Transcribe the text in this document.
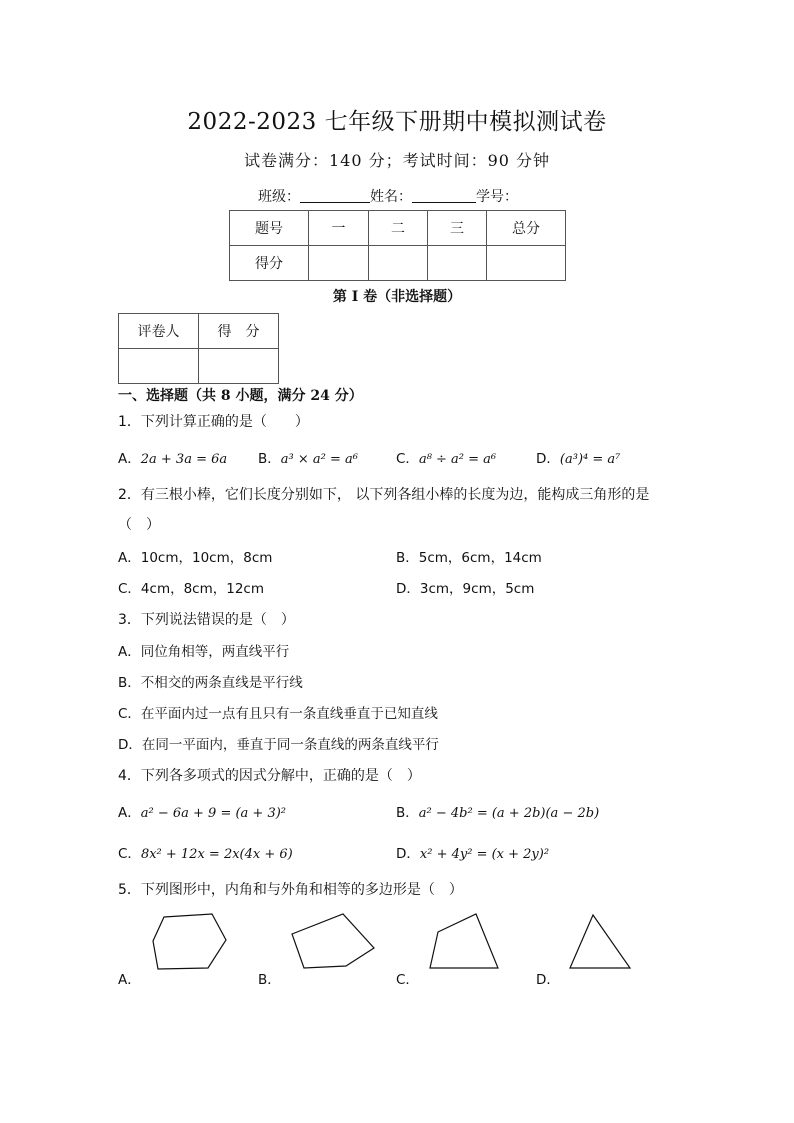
2022-2023 七年级下册期中模拟测试卷
试卷满分：140 分；考试时间：90 分钟
班级：	姓名：	学号：
题号	一	二	三	总分
得分				
第 I 卷（非选择题）
评卷人	得　分

一、选择题（共 8 小题，满分 24 分）
1．下列计算正确的是（　　）
A．2a + 3a = 6a B．a³ × a² = a⁶	C．a⁸ ÷ a² = a⁶	D．(a³)⁴ = a⁷
2．有三根小棒，它们长度分别如下， 以下列各组小棒的长度为边，能构成三角形的是
（　）
A．10cm，10cm，8cm	B．5cm，6cm，14cm
C．4cm，8cm，12cm	D．3cm，9cm，5cm
3．下列说法错误的是（　）
A．同位角相等，两直线平行
B．不相交的两条直线是平行线
C．在平面内过一点有且只有一条直线垂直于已知直线
D．在同一平面内，垂直于同一条直线的两条直线平行
4．下列各多项式的因式分解中，正确的是（　）
A．a² − 6a + 9 = (a + 3)²	B．a² − 4b² = (a + 2b)(a − 2b)
C．8x² + 12x = 2x(4x + 6)	D．x² + 4y² = (x + 2y)²
5．下列图形中，内角和与外角和相等的多边形是（　）
A．	B．	C．	D．
